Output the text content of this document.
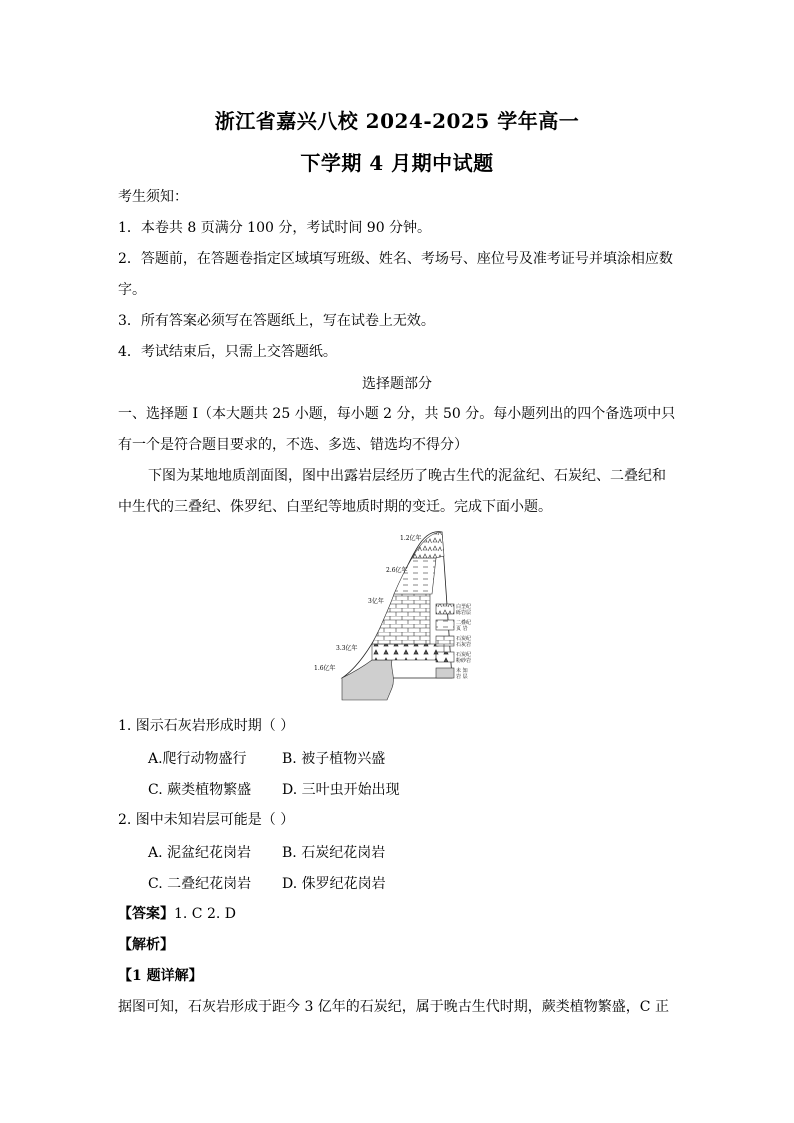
浙江省嘉兴八校 2024-2025 学年高一
下学期 4 月期中试题
考生须知：
1．本卷共 8 页满分 100 分，考试时间 90 分钟。
2．答题前，在答题卷指定区域填写班级、姓名、考场号、座位号及准考证号并填涂相应数
字。
3．所有答案必须写在答题纸上，写在试卷上无效。
4．考试结束后，只需上交答题纸。
选择题部分
一、选择题 I（本大题共 25 小题，每小题 2 分，共 50 分。每小题列出的四个备选项中只
有一个是符合题目要求的，不选、多选、错选均不得分）
下图为某地地质剖面图，图中出露岩层经历了晚古生代的泥盆纪、石炭纪、二叠纪和
中生代的三叠纪、侏罗纪、白垩纪等地质时期的变迁。完成下面小题。
1.2亿年
2.6亿年
3亿年
3.3亿年
1.6亿年
白垩纪
砾岩层
二叠纪
页 岩
石炭纪
石灰岩
石炭纪
粉砂岩
未 知
岩 层
1. 图示石灰岩形成时期（ ）
A.爬行动物盛行	B. 被子植物兴盛
C. 蕨类植物繁盛 D. 三叶虫开始出现
2. 图中未知岩层可能是（ ）
A. 泥盆纪花岗岩 B. 石炭纪花岗岩
C. 二叠纪花岗岩 D. 侏罗纪花岗岩
【答案】1. C 2. D
【解析】
【1 题详解】
据图可知，石灰岩形成于距今 3 亿年的石炭纪，属于晚古生代时期，蕨类植物繁盛，C 正
